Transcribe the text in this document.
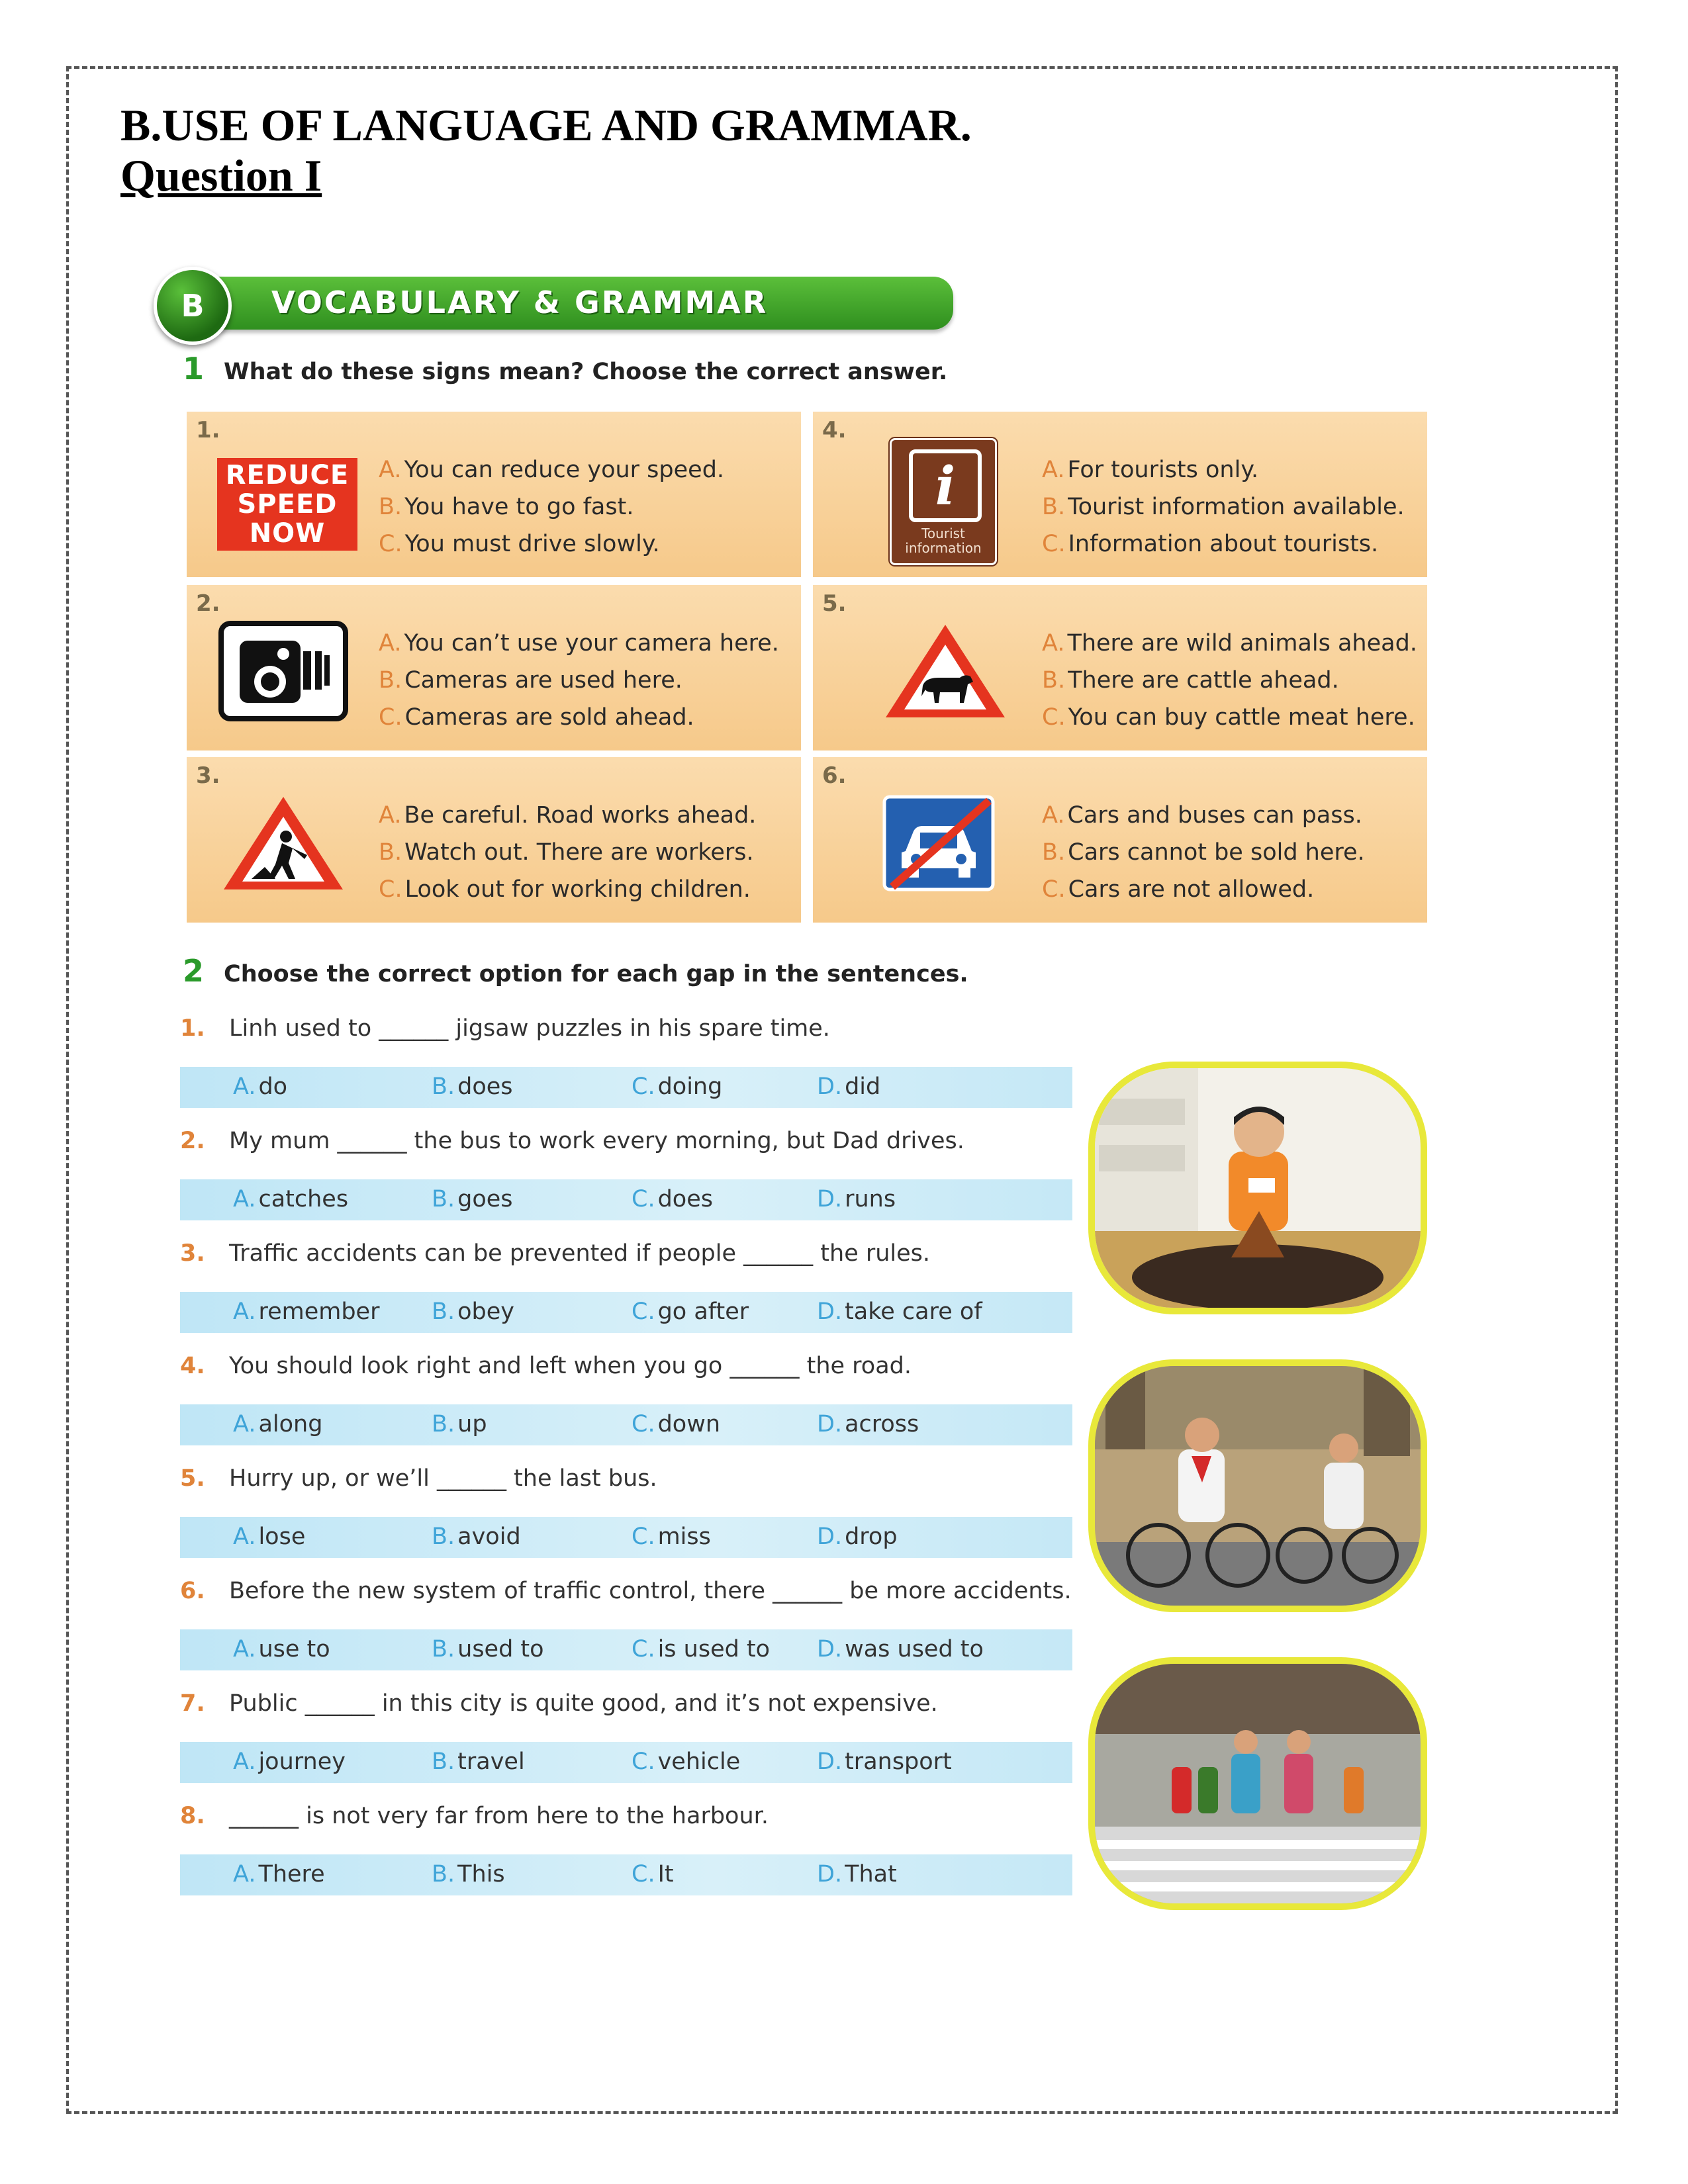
B.USE OF LANGUAGE AND GRAMMAR.
Question I
VOCABULARY & GRAMMAR
B
1 What do these signs mean? Choose the correct answer.
1.
REDUCE
SPEED
NOW
A. You can reduce your speed.
B. You have to go fast.
C. You must drive slowly.
2.
A. You can’t use your camera here.
B. Cameras are used here.
C. Cameras are sold ahead.
3.
A. Be careful. Road works ahead.
B. Watch out. There are workers.
C. Look out for working children.
4.
i
Tourist
information
A. For tourists only.
B. Tourist information available.
C. Information about tourists.
5.
A. There are wild animals ahead.
B. There are cattle ahead.
C. You can buy cattle meat here.
6.
A. Cars and buses can pass.
B. Cars cannot be sold here.
C. Cars are not allowed.
2 Choose the correct option for each gap in the sentences.
1. Linh used to ______ jigsaw puzzles in his spare time.
A. do	B. does	C. doing	D. did
2. My mum ______ the bus to work every morning, but Dad drives.
A. catches	B. goes	C. does	D. runs
3. Traffic accidents can be prevented if people ______ the rules.
A. remember B. obey	C. go after	D. take care of
4. You should look right and left when you go ______ the road.
A. along	B. up	C. down	D. across
5. Hurry up, or we’ll ______ the last bus.
A. lose	B. avoid	C. miss	D. drop
6. Before the new system of traffic control, there ______ be more accidents.
A. use to	B. used to	C. is used to D. was used to
7. Public ______ in this city is quite good, and it’s not expensive.
A. journey	B. travel	C. vehicle	D. transport
8. ______ is not very far from here to the harbour.
A. There	B. This	C. It	D. That
